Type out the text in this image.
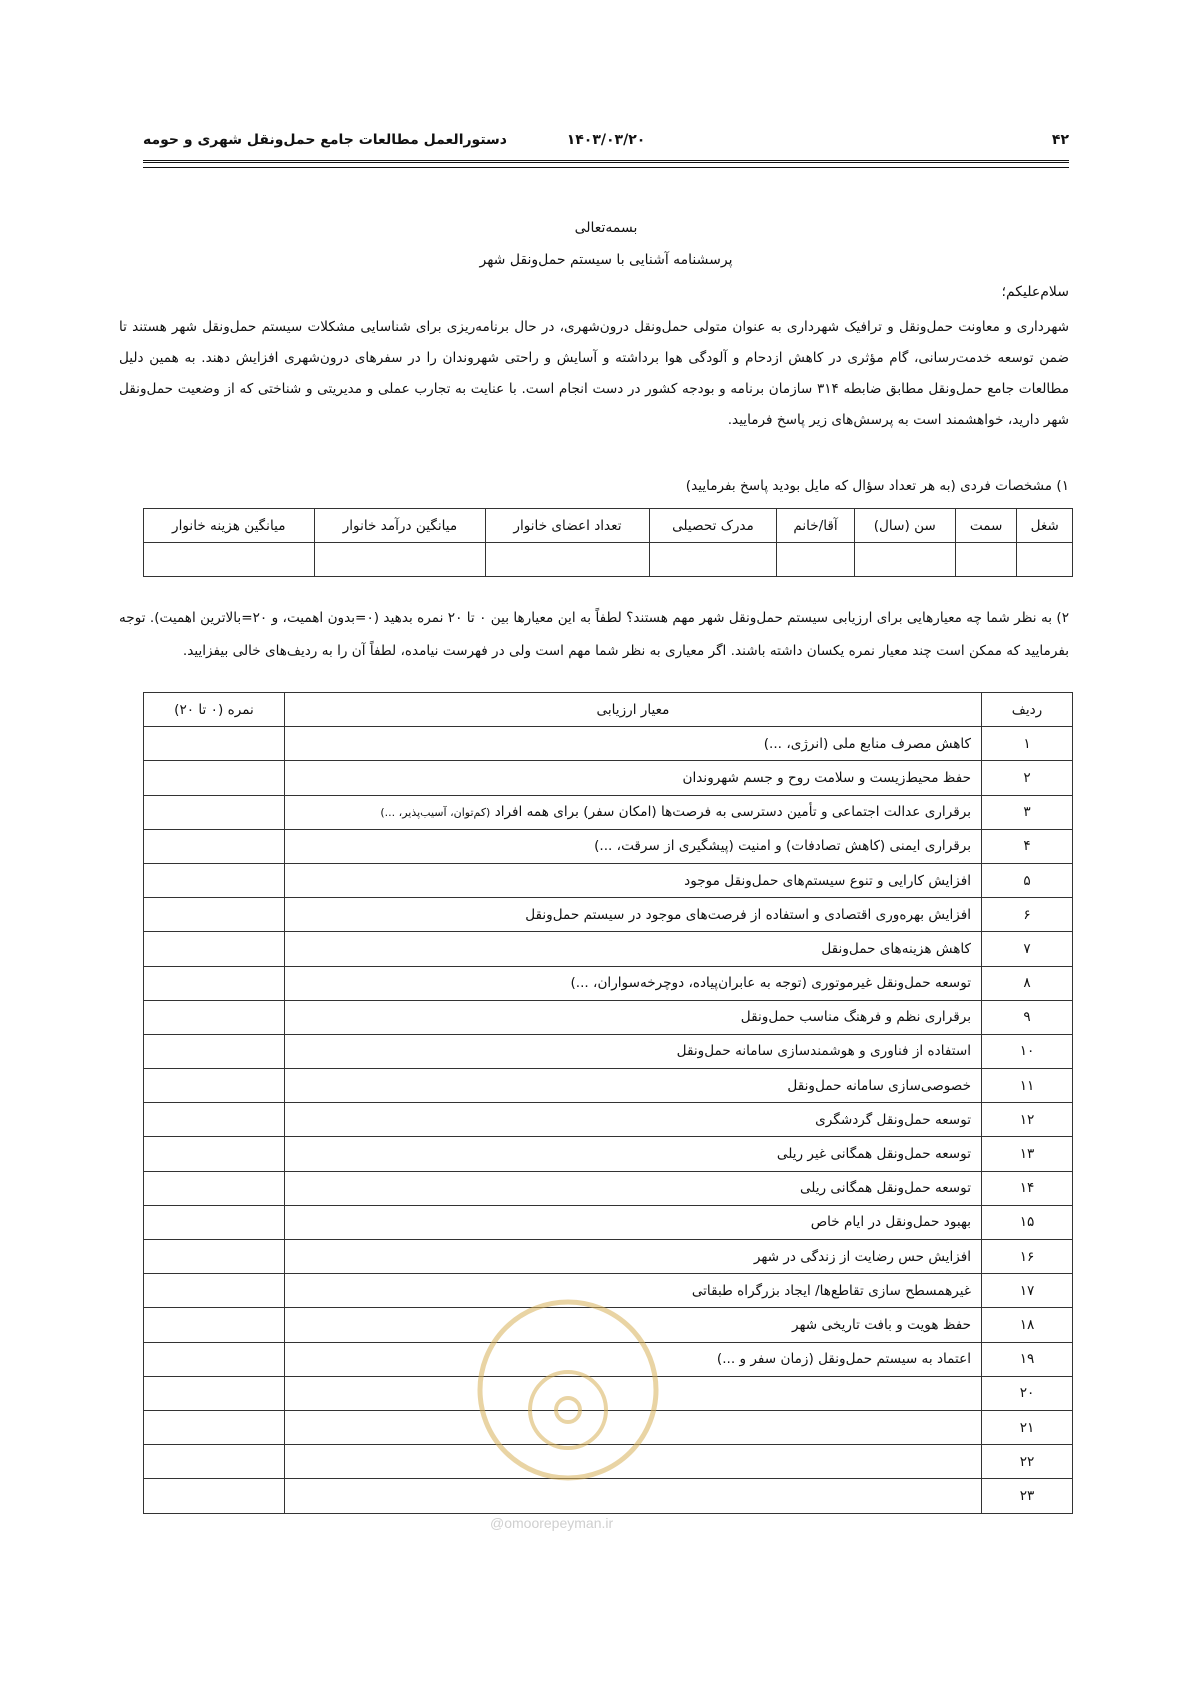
۴۲
۱۴۰۳/۰۳/۲۰
دستورالعمل مطالعات جامع حمل‌ونقل شهری و حومه
بسمه‌تعالی
پرسشنامه آشنایی با سیستم حمل‌ونقل شهر
سلام‌علیکم؛
شهرداری و معاونت حمل‌ونقل و ترافیک شهرداری به عنوان متولی حمل‌ونقل درون‌شهری، در حال برنامه‌ریزی برای شناسایی مشکلات سیستم حمل‌ونقل شهر هستند تا ضمن توسعه خدمت‌رسانی، گام مؤثری در کاهش ازدحام و آلودگی هوا برداشته و آسایش و راحتی شهروندان را در سفرهای درون‌شهری افزایش دهند. به همین دلیل مطالعات جامع حمل‌ونقل مطابق ضابطه ۳۱۴ سازمان برنامه و بودجه کشور در دست انجام است. با عنایت به تجارب عملی و مدیریتی و شناختی که از وضعیت حمل‌ونقل شهر دارید، خواهشمند است به پرسش‌های زیر پاسخ فرمایید.
۱) مشخصات فردی (به هر تعداد سؤال که مایل بودید پاسخ بفرمایید)
شغل	سمت	سن (سال)	آقا/خانم	مدرک تحصیلی	تعداد اعضای خانوار	میانگین درآمد خانوار	میانگین هزینه خانوار

۲) به نظر شما چه معیارهایی برای ارزیابی سیستم حمل‌ونقل شهر مهم هستند؟ لطفاً به این معیارها بین ۰ تا ۲۰ نمره بدهید (۰=بدون اهمیت، و ۲۰=بالاترین اهمیت). توجه بفرمایید که ممکن است چند معیار نمره یکسان داشته باشند. اگر معیاری به نظر شما مهم است ولی در فهرست نیامده، لطفاً آن را به ردیف‌های خالی بیفزایید.
ردیف	معیار ارزیابی	نمره (۰ تا ۲۰)
۱	کاهش مصرف منابع ملی (انرژی، ...)	
۲	حفظ محیط‌زیست و سلامت روح و جسم شهروندان	
۳	برقراری عدالت اجتماعی و تأمین دسترسی به فرصت‌ها (امکان سفر) برای همه افراد (کم‌توان، آسیب‌پذیر، ...)	
۴	برقراری ایمنی (کاهش تصادفات) و امنیت (پیشگیری از سرقت، ...)	
۵	افزایش کارایی و تنوع سیستم‌های حمل‌ونقل موجود	
۶	افزایش بهره‌وری اقتصادی و استفاده از فرصت‌های موجود در سیستم حمل‌ونقل	
۷	کاهش هزینه‌های حمل‌ونقل	
۸	توسعه حمل‌ونقل غیرموتوری (توجه به عابران‌پیاده، دوچرخه‌سواران، ...)	
۹	برقراری نظم و فرهنگ مناسب حمل‌ونقل	
۱۰	استفاده از فناوری و هوشمندسازی سامانه حمل‌ونقل	
۱۱	خصوصی‌سازی سامانه حمل‌ونقل	
۱۲	توسعه حمل‌ونقل گردشگری	
۱۳	توسعه حمل‌ونقل همگانی غیر ریلی	
۱۴	توسعه حمل‌ونقل همگانی ریلی	
۱۵	بهبود حمل‌ونقل در ایام خاص	
۱۶	افزایش حس رضایت از زندگی در شهر	
۱۷	غیرهمسطح سازی تقاطع‌ها/ ایجاد بزرگراه طبقاتی	
۱۸	حفظ هویت و بافت تاریخی شهر	
۱۹	اعتماد به سیستم حمل‌ونقل (زمان سفر و ...)	
۲۰		
۲۱		
۲۲		
۲۳		
@omoorepeyman.ir
